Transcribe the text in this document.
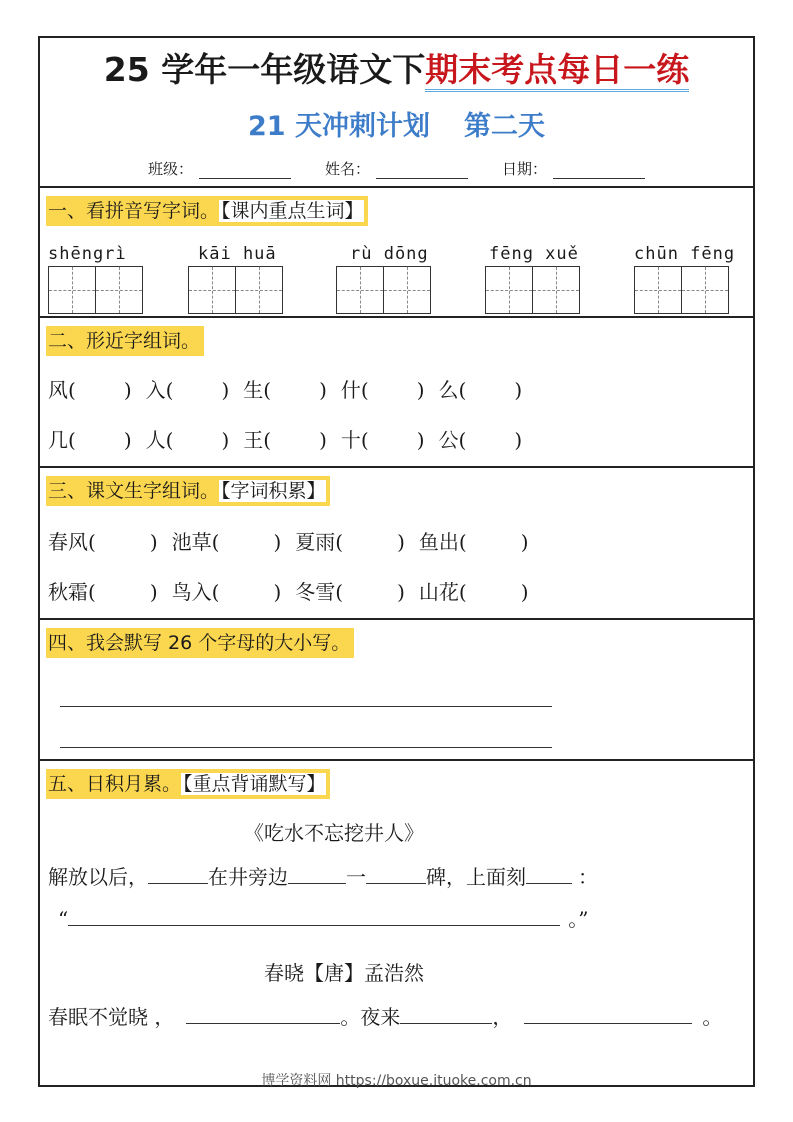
25 学年一年级语文下期末考点每日一练
21 天冲刺计划 第二天
班级：	姓名：	日期：
一、看拼音写字词。 【课内重点生词】
shēngrì	kāi huā	rù dōng	fēng xuě	chūn fēng
二、形近字组词。
风( ) 入( ) 生( ) 什( ) 么( )
几( ) 人( ) 王( ) 十( ) 公( )
三、课文生字组词。 【字词积累】
春风(	) 池草(	) 夏雨(	) 鱼出(	)
秋霜(	) 鸟入(	) 冬雪(	) 山花(	)
四、我会默写 26 个字母的大小写。
五、日积月累。 【重点背诵默写】
《吃水不忘挖井人》
解放以后，	在井旁边	一	碑，上面刻	：
“	。”
春晓【唐】孟浩然
春眠不觉晓 ，	。夜来	，	。
博学资料网 https://boxue.ituoke.com.cn
